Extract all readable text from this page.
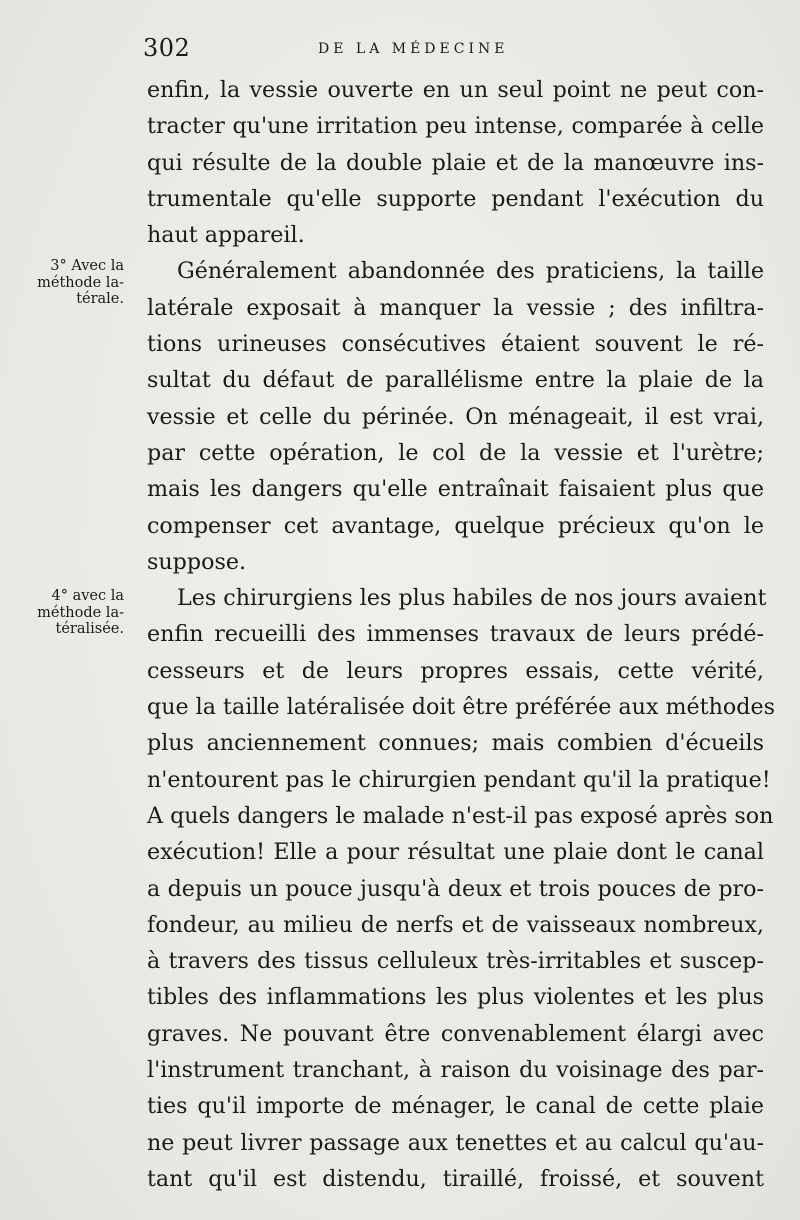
302	DE LA MÉDECINE
3° Avec la
méthode la-
térale.
4° avec la
méthode la-
téralisée.
enfin, la vessie ouverte en un seul point ne peut con-
tracter qu'une irritation peu intense, comparée à celle
qui résulte de la double plaie et de la manœuvre ins-
trumentale qu'elle supporte pendant l'exécution du
haut appareil.
Généralement abandonnée des praticiens, la taille
latérale exposait à manquer la vessie ; des infiltra-
tions urineuses consécutives étaient souvent le ré-
sultat du défaut de parallélisme entre la plaie de la
vessie et celle du périnée. On ménageait, il est vrai,
par cette opération, le col de la vessie et l'urètre;
mais les dangers qu'elle entraînait faisaient plus que
compenser cet avantage, quelque précieux qu'on le
suppose.
Les chirurgiens les plus habiles de nos jours avaient
enfin recueilli des immenses travaux de leurs prédé-
cesseurs et de leurs propres essais, cette vérité,
que la taille latéralisée doit être préférée aux méthodes
plus anciennement connues; mais combien d'écueils
n'entourent pas le chirurgien pendant qu'il la pratique!
A quels dangers le malade n'est-il pas exposé après son
exécution! Elle a pour résultat une plaie dont le canal
a depuis un pouce jusqu'à deux et trois pouces de pro-
fondeur, au milieu de nerfs et de vaisseaux nombreux,
à travers des tissus celluleux très-irritables et suscep-
tibles des inflammations les plus violentes et les plus
graves. Ne pouvant être convenablement élargi avec
l'instrument tranchant, à raison du voisinage des par-
ties qu'il importe de ménager, le canal de cette plaie
ne peut livrer passage aux tenettes et au calcul qu'au-
tant qu'il est distendu, tiraillé, froissé, et souvent
